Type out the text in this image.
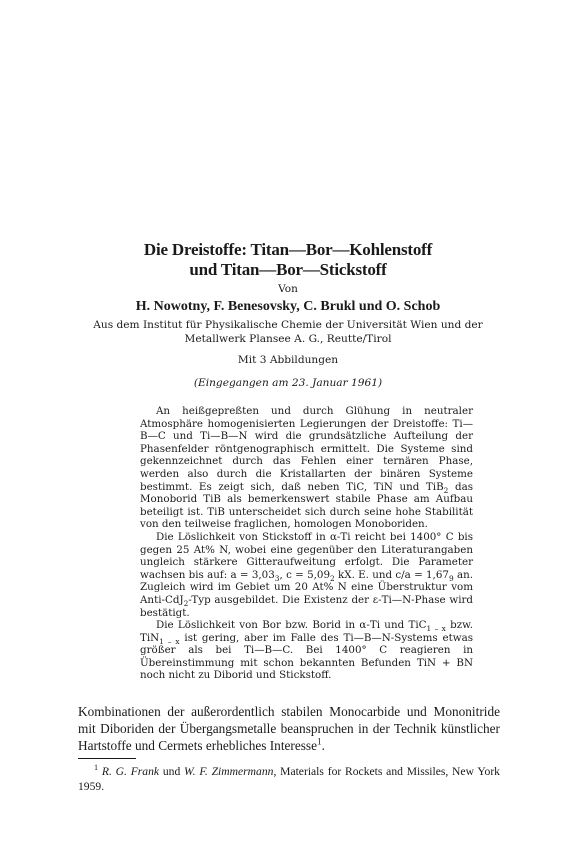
Die Dreistoffe: Titan—Bor—Kohlenstoff
und Titan—Bor—Stickstoff
Von
H. Nowotny, F. Benesovsky, C. Brukl und O. Schob
Aus dem Institut für Physikalische Chemie der Universität Wien und der
Metallwerk Plansee A. G., Reutte/Tirol
Mit 3 Abbildungen
(Eingegangen am 23. Januar 1961)

An heißgepreßten und durch Glühung in neutraler Atmosphäre homogenisierten Legierungen der Dreistoffe: Ti—B—C und Ti—B—N wird die grundsätzliche Aufteilung der Phasenfelder röntgenographisch ermittelt. Die Systeme sind gekennzeichnet durch das Fehlen einer ternären Phase, werden also durch die Kristallarten der binären Systeme bestimmt. Es zeigt sich, daß neben TiC, TiN und TiB$_2$ das Monoborid TiB als bemerkenswert stabile Phase am Aufbau beteiligt ist. TiB unterscheidet sich durch seine hohe Stabilität von den teilweise fraglichen, homologen Monoboriden.

Die Löslichkeit von Stickstoff in α-Ti reicht bei 1400° C bis gegen 25 At% N, wobei eine gegenüber den Literaturangaben ungleich stärkere Gitteraufweitung erfolgt. Die Parameter wachsen bis auf: $a = 3,03_3$, $c = 5,09_2$ kX. E. und $c/a = 1,67_9$ an. Zugleich wird im Gebiet um 20 At% N eine Überstruktur vom Anti-CdJ$_2$-Typ ausgebildet. Die Existenz der ε-Ti—N-Phase wird bestätigt.

Die Löslichkeit von Bor bzw. Borid in α-Ti und TiC$_{1 - x}$ bzw. TiN$_{1 - x}$ ist gering, aber im Falle des Ti—B—N-Systems etwas größer als bei Ti—B—C. Bei 1400° C reagieren in Übereinstimmung mit schon bekannten Befunden TiN + BN noch nicht zu Diborid und Stickstoff.

Kombinationen der außerordentlich stabilen Monocarbide und Mononitride mit Diboriden der Übergangsmetalle beanspruchen in der Technik künstlicher Hartstoffe und Cermets erhebliches Interesse$^1$.

$^1$ R. G. Frank und W. F. Zimmermann, Materials for Rockets and Missiles, New York 1959.
